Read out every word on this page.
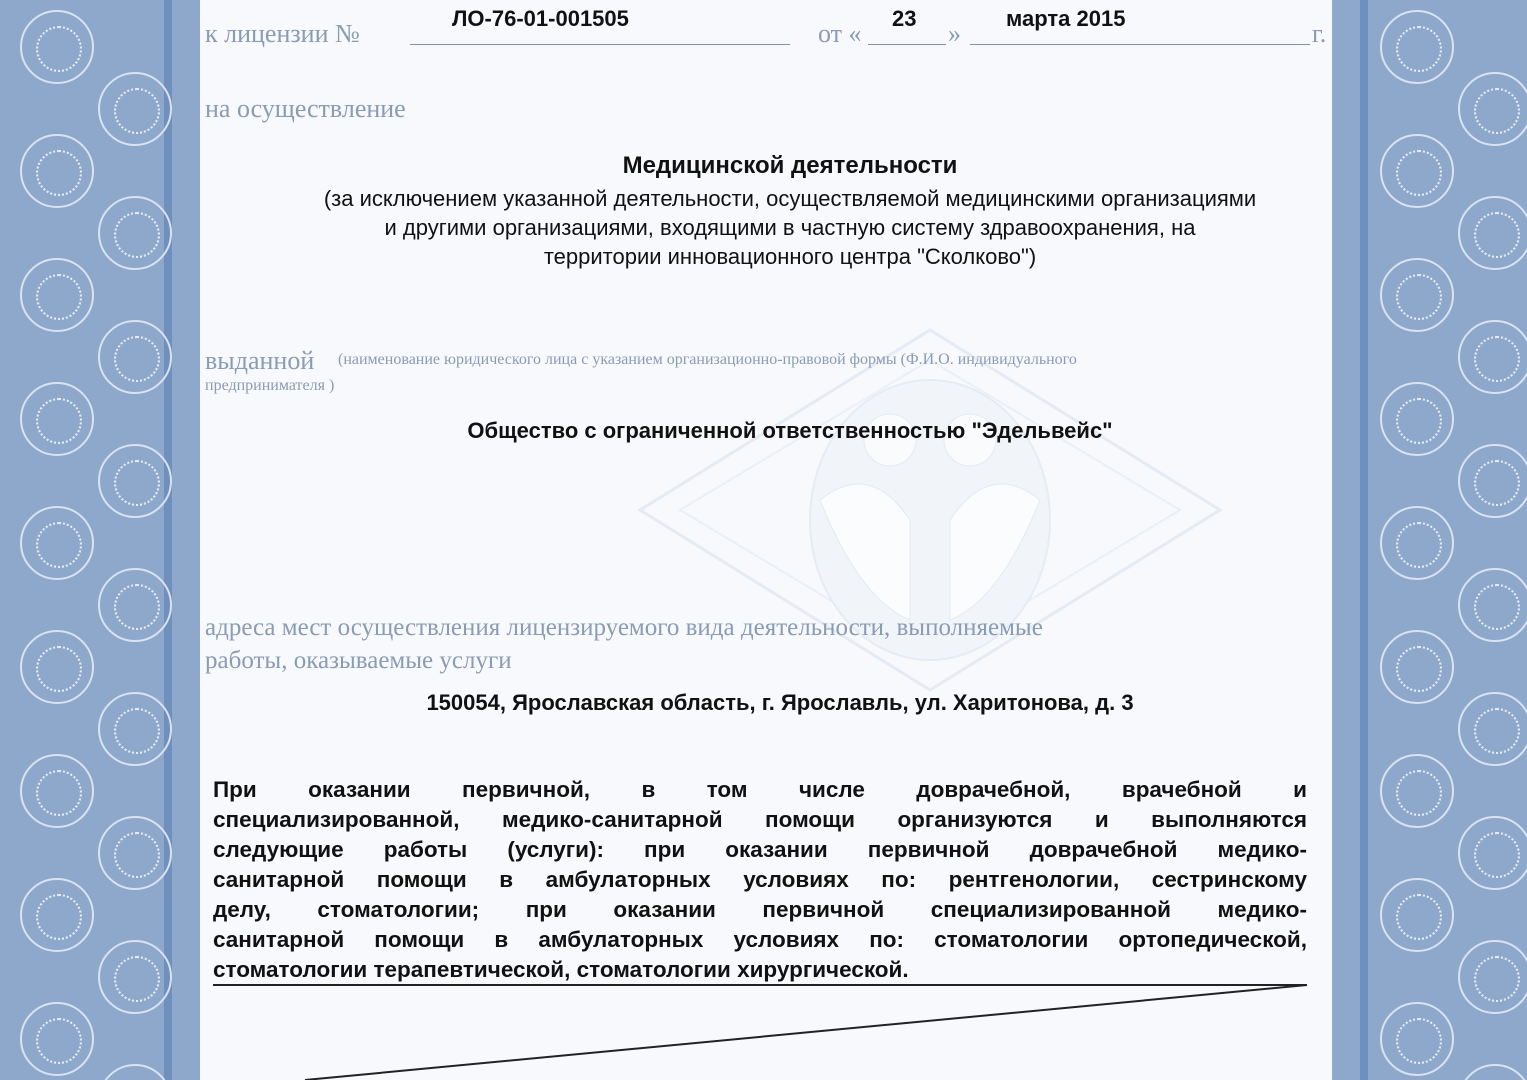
к лицензии №
ЛО-76-01-001505
от «
23
»
марта 2015
г.
на осуществление
Медицинской деятельности
(за исключением указанной деятельности, осуществляемой медицинскими организациями
и другими организациями, входящими в частную систему здравоохранения, на
территории инновационного центра "Сколково")
выданной (наименование юридического лица с указанием организационно-правовой формы (Ф.И.О. индивидуального
предпринимателя )
Общество с ограниченной ответственностью "Эдельвейс"
адреса мест осуществления лицензируемого вида деятельности, выполняемые
работы, оказываемые услуги
150054, Ярославская область, г. Ярославль, ул. Харитонова, д. 3
При оказании первичной, в том числе доврачебной, врачебной и
специализированной, медико-санитарной помощи организуются и выполняются
следующие работы (услуги): при оказании первичной доврачебной медико-
санитарной помощи в амбулаторных условиях по: рентгенологии, сестринскому
делу, стоматологии; при оказании первичной специализированной медико-
санитарной помощи в амбулаторных условиях по: стоматологии ортопедической,
стоматологии терапевтической, стоматологии хирургической.
